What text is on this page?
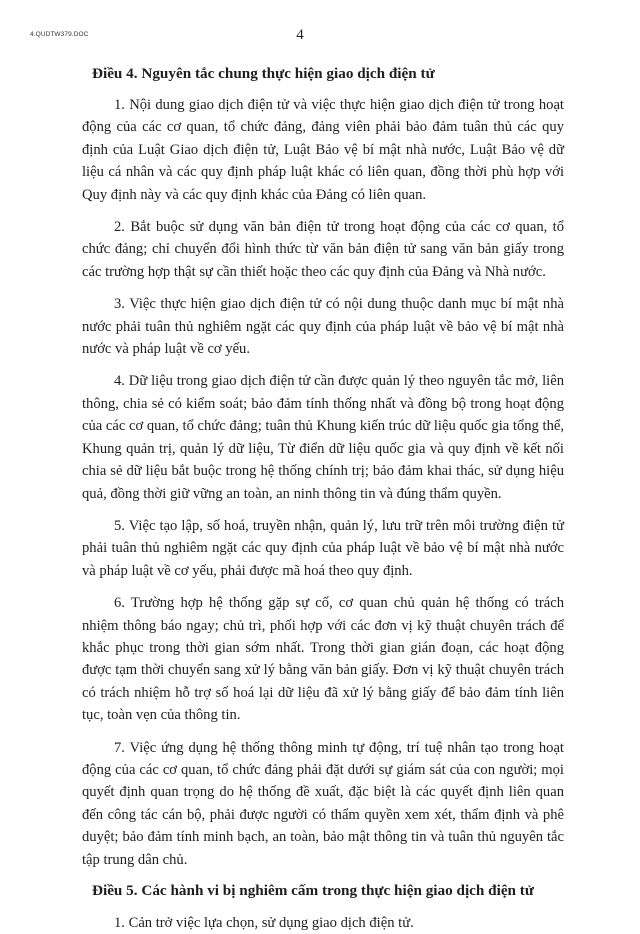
4.QUDTW379.DOC	4
Điều 4. Nguyên tắc chung thực hiện giao dịch điện tử

1. Nội dung giao dịch điện tử và việc thực hiện giao dịch điện tử trong hoạt động của các cơ quan, tổ chức đảng, đảng viên phải bảo đảm tuân thủ các quy định của Luật Giao dịch điện tử, Luật Bảo vệ bí mật nhà nước, Luật Bảo vệ dữ liệu cá nhân và các quy định pháp luật khác có liên quan, đồng thời phù hợp với Quy định này và các quy định khác của Đảng có liên quan.

2. Bắt buộc sử dụng văn bản điện tử trong hoạt động của các cơ quan, tổ chức đảng; chỉ chuyển đổi hình thức từ văn bản điện tử sang văn bản giấy trong các trường hợp thật sự cần thiết hoặc theo các quy định của Đảng và Nhà nước.

3. Việc thực hiện giao dịch điện tử có nội dung thuộc danh mục bí mật nhà nước phải tuân thủ nghiêm ngặt các quy định của pháp luật về bảo vệ bí mật nhà nước và pháp luật về cơ yếu.

4. Dữ liệu trong giao dịch điện tử cần được quản lý theo nguyên tắc mở, liên thông, chia sẻ có kiểm soát; bảo đảm tính thống nhất và đồng bộ trong hoạt động của các cơ quan, tổ chức đảng; tuân thủ Khung kiến trúc dữ liệu quốc gia tổng thể, Khung quản trị, quản lý dữ liệu, Từ điển dữ liệu quốc gia và quy định về kết nối chia sẻ dữ liệu bắt buộc trong hệ thống chính trị; bảo đảm khai thác, sử dụng hiệu quả, đồng thời giữ vững an toàn, an ninh thông tin và đúng thẩm quyền.

5. Việc tạo lập, số hoá, truyền nhận, quản lý, lưu trữ trên môi trường điện tử phải tuân thủ nghiêm ngặt các quy định của pháp luật về bảo vệ bí mật nhà nước và pháp luật về cơ yếu, phải được mã hoá theo quy định.

6. Trường hợp hệ thống gặp sự cố, cơ quan chủ quản hệ thống có trách nhiệm thông báo ngay; chủ trì, phối hợp với các đơn vị kỹ thuật chuyên trách để khắc phục trong thời gian sớm nhất. Trong thời gian gián đoạn, các hoạt động được tạm thời chuyển sang xử lý bằng văn bản giấy. Đơn vị kỹ thuật chuyên trách có trách nhiệm hỗ trợ số hoá lại dữ liệu đã xử lý bằng giấy để bảo đảm tính liên tục, toàn vẹn của thông tin.

7. Việc ứng dụng hệ thống thông minh tự động, trí tuệ nhân tạo trong hoạt động của các cơ quan, tổ chức đảng phải đặt dưới sự giám sát của con người; mọi quyết định quan trọng do hệ thống đề xuất, đặc biệt là các quyết định liên quan đến công tác cán bộ, phải được người có thẩm quyền xem xét, thẩm định và phê duyệt; bảo đảm tính minh bạch, an toàn, bảo mật thông tin và tuân thủ nguyên tắc tập trung dân chủ.

Điều 5. Các hành vi bị nghiêm cấm trong thực hiện giao dịch điện tử

1. Cản trở việc lựa chọn, sử dụng giao dịch điện tử.
